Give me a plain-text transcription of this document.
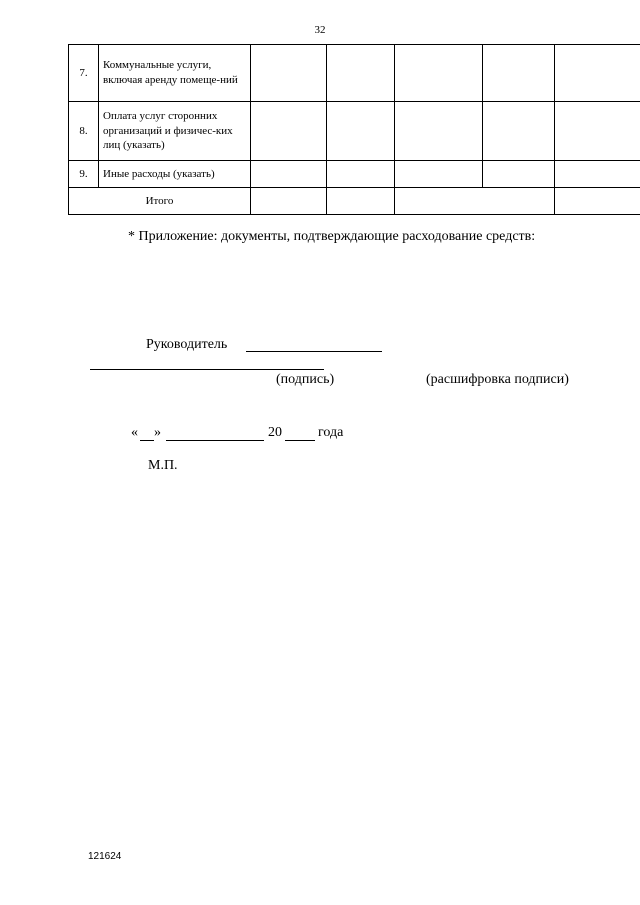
32
7.	Коммунальные услуги, включая аренду помеще-ний					
8.	Оплата услуг сторонних организаций и физичес-ких лиц (указать)					
9.	Иные расходы (указать)					
Итого						
* Приложение: документы, подтверждающие расходование средств:
Руководитель
(подпись)	(расшифровка подписи)
« »	20	года
М.П.
121624
